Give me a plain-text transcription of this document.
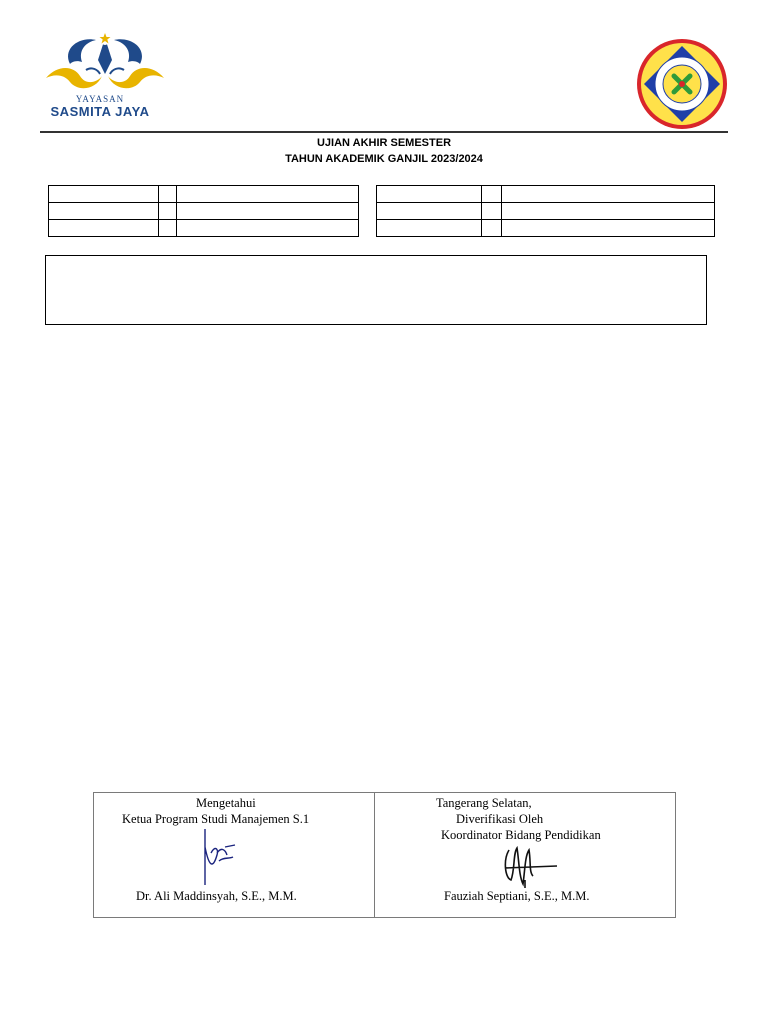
YAYASAN
SASMITA JAYA
UJIAN AKHIR SEMESTER
TAHUN AKADEMIK GANJIL 2023/2024

Mengetahui
Ketua Program Studi Manajemen S.1
Dr. Ali Maddinsyah, S.E., M.M.
Tangerang Selatan,
Diverifikasi Oleh
Koordinator Bidang Pendidikan
Fauziah Septiani, S.E., M.M.
